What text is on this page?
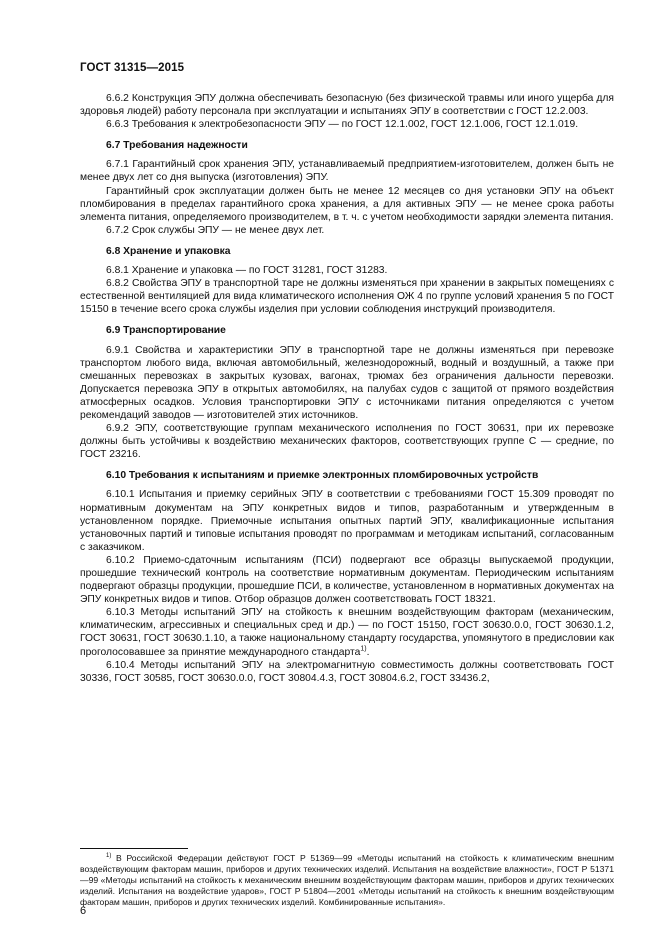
ГОСТ 31315—2015

6.6.2 Конструкция ЭПУ должна обеспечивать безопасную (без физической травмы или иного ущерба для здоровья людей) работу персонала при эксплуатации и испытаниях ЭПУ в соответствии с ГОСТ 12.2.003.

6.6.3 Требования к электробезопасности ЭПУ — по ГОСТ 12.1.002, ГОСТ 12.1.006, ГОСТ 12.1.019.

6.7 Требования надежности

6.7.1 Гарантийный срок хранения ЭПУ, устанавливаемый предприятием-изготовителем, должен быть не менее двух лет со дня выпуска (изготовления) ЭПУ.

Гарантийный срок эксплуатации должен быть не менее 12 месяцев со дня установки ЭПУ на объект пломбирования в пределах гарантийного срока хранения, а для активных ЭПУ — не менее срока работы элемента питания, определяемого производителем, в т. ч. с учетом необходимости зарядки элемента питания.

6.7.2 Срок службы ЭПУ — не менее двух лет.

6.8 Хранение и упаковка

6.8.1 Хранение и упаковка — по ГОСТ 31281, ГОСТ 31283.

6.8.2 Свойства ЭПУ в транспортной таре не должны изменяться при хранении в закрытых помещениях с естественной вентиляцией для вида климатического исполнения ОЖ 4 по группе условий хранения 5 по ГОСТ 15150 в течение всего срока службы изделия при условии соблюдения инструкций производителя.

6.9 Транспортирование

6.9.1 Свойства и характеристики ЭПУ в транспортной таре не должны изменяться при перевозке транспортом любого вида, включая автомобильный, железнодорожный, водный и воздушный, а также при смешанных перевозках в закрытых кузовах, вагонах, трюмах без ограничения дальности перевозки. Допускается перевозка ЭПУ в открытых автомобилях, на палубах судов с защитой от прямого воздействия атмосферных осадков. Условия транспортировки ЭПУ с источниками питания определяются с учетом рекомендаций заводов — изготовителей этих источников.

6.9.2 ЭПУ, соответствующие группам механического исполнения по ГОСТ 30631, при их перевозке должны быть устойчивы к воздействию механических факторов, соответствующих группе С — средние, по ГОСТ 23216.

6.10 Требования к испытаниям и приемке электронных пломбировочных устройств

6.10.1 Испытания и приемку серийных ЭПУ в соответствии с требованиями ГОСТ 15.309 проводят по нормативным документам на ЭПУ конкретных видов и типов, разработанным и утвержденным в установленном порядке. Приемочные испытания опытных партий ЭПУ, квалификационные испытания установочных партий и типовые испытания проводят по программам и методикам испытаний, согласованным с заказчиком.

6.10.2 Приемо-сдаточным испытаниям (ПСИ) подвергают все образцы выпускаемой продукции, прошедшие технический контроль на соответствие нормативным документам. Периодическим испытаниям подвергают образцы продукции, прошедшие ПСИ, в количестве, установленном в нормативных документах на ЭПУ конкретных видов и типов. Отбор образцов должен соответствовать ГОСТ 18321.

6.10.3 Методы испытаний ЭПУ на стойкость к внешним воздействующим факторам (механическим, климатическим, агрессивных и специальных сред и др.) — по ГОСТ 15150, ГОСТ 30630.0.0, ГОСТ 30630.1.2, ГОСТ 30631, ГОСТ 30630.1.10, а также национальному стандарту государства, упомянутого в предисловии как проголосовавшее за принятие международного стандарта$^{1)}$.

6.10.4 Методы испытаний ЭПУ на электромагнитную совместимость должны соответствовать ГОСТ 30336, ГОСТ 30585, ГОСТ 30630.0.0, ГОСТ 30804.4.3, ГОСТ 30804.6.2, ГОСТ 33436.2,

$^{1)}$ В Российской Федерации действуют ГОСТ Р 51369—99 «Методы испытаний на стойкость к климатическим внешним воздействующим факторам машин, приборов и других технических изделий. Испытания на воздействие влажности», ГОСТ Р 51371—99 «Методы испытаний на стойкость к механическим внешним воздействующим факторам машин, приборов и других технических изделий. Испытания на воздействие ударов», ГОСТ Р 51804—2001 «Методы испытаний на стойкость к внешним воздействующим факторам машин, приборов и других технических изделий. Комбинированные испытания».
6
